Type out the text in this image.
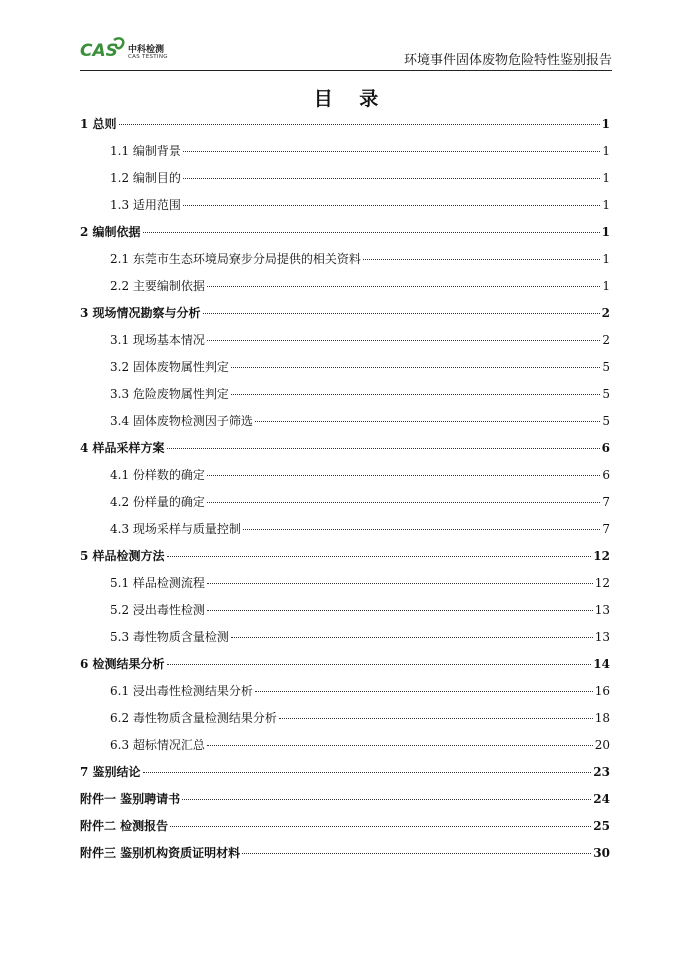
CAS 中科检测
CAS TESTING	环境事件固体废物危险特性鉴别报告
目 录
1 总则	1
1.1 编制背景	1
1.2 编制目的	1
1.3 适用范围	1
2 编制依据	1
2.1 东莞市生态环境局寮步分局提供的相关资料	1
2.2 主要编制依据	1
3 现场情况勘察与分析	2
3.1 现场基本情况	2
3.2 固体废物属性判定	5
3.3 危险废物属性判定	5
3.4 固体废物检测因子筛选	5
4 样品采样方案	6
4.1 份样数的确定	6
4.2 份样量的确定	7
4.3 现场采样与质量控制	7
5 样品检测方法	12
5.1 样品检测流程	12
5.2 浸出毒性检测	13
5.3 毒性物质含量检测	13
6 检测结果分析	14
6.1 浸出毒性检测结果分析	16
6.2 毒性物质含量检测结果分析	18
6.3 超标情况汇总	20
7 鉴别结论	23
附件一 鉴别聘请书	24
附件二 检测报告	25
附件三 鉴别机构资质证明材料	30
